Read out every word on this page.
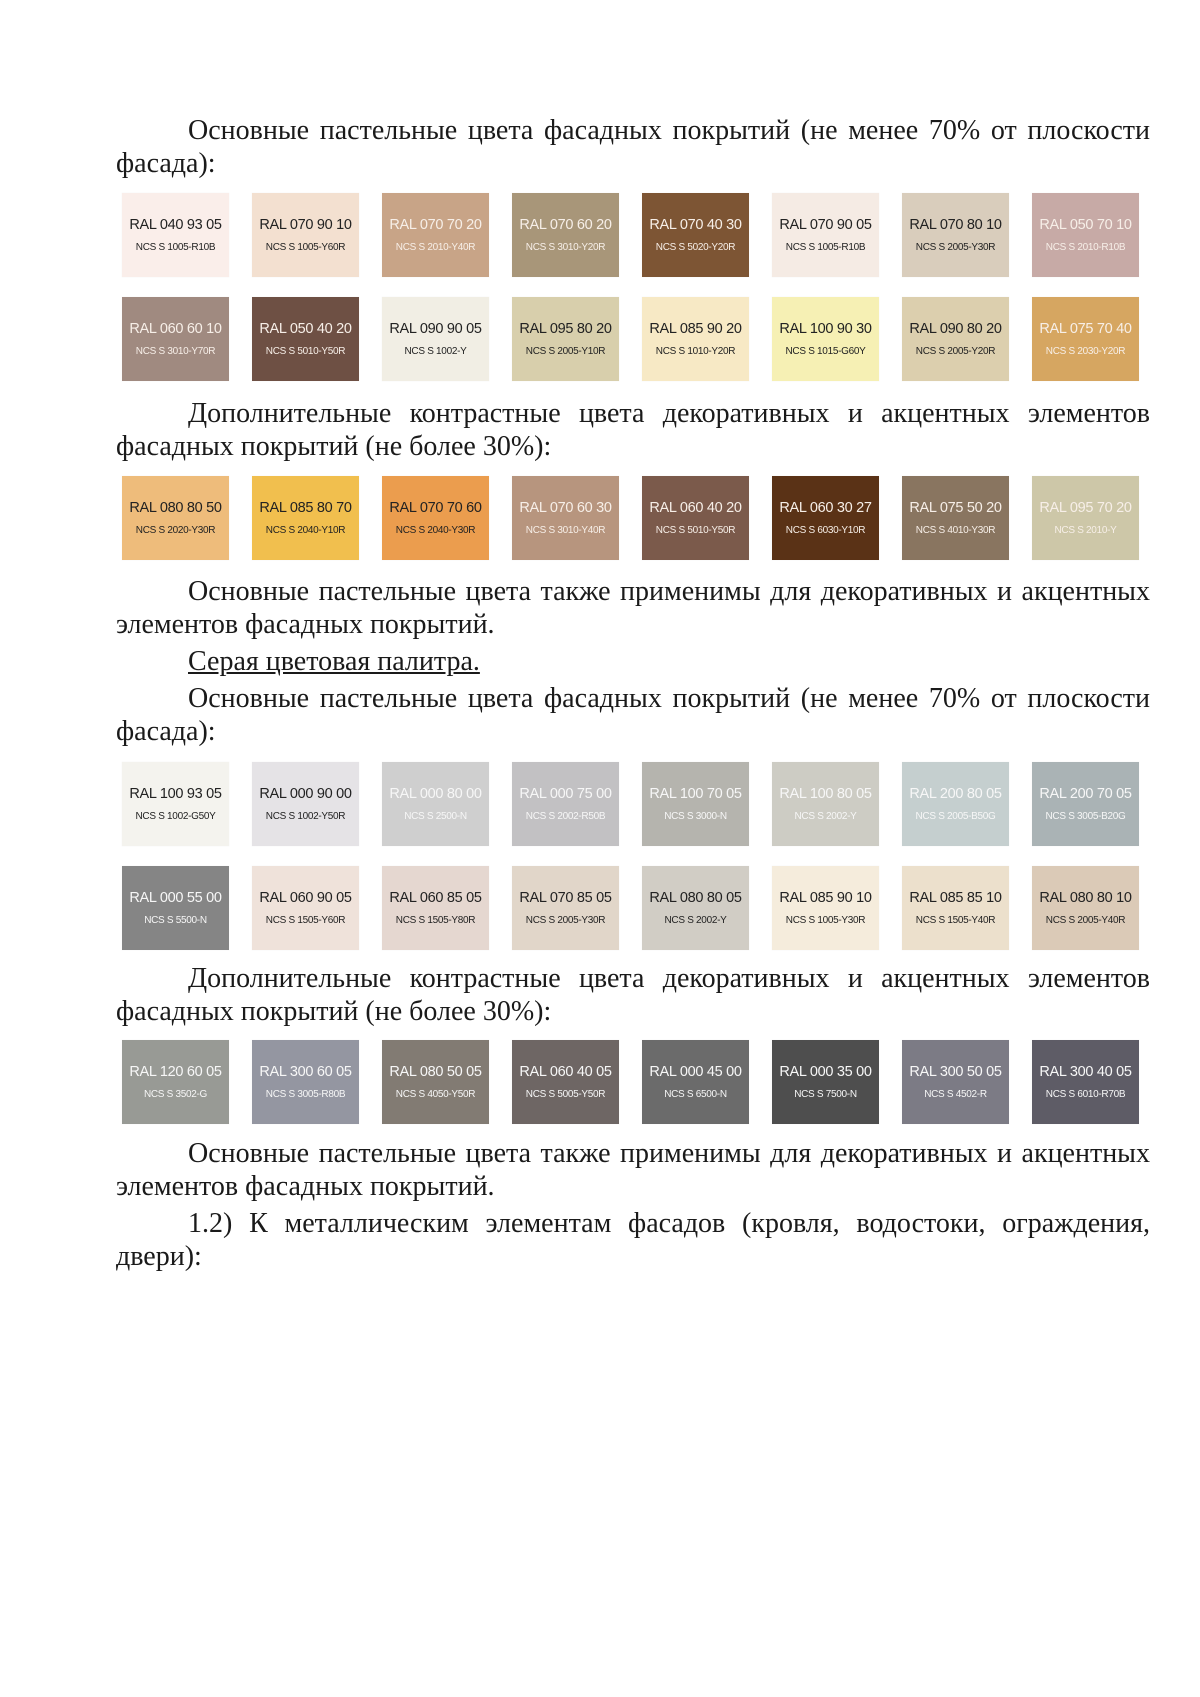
Основные пастельные цвета фасадных покрытий (не менее 70% от плоскости фасада):

RAL 040 93 05
NCS S 1005-R10B
RAL 070 90 10
NCS S 1005-Y60R
RAL 070 70 20
NCS S 2010-Y40R
RAL 070 60 20
NCS S 3010-Y20R
RAL 070 40 30
NCS S 5020-Y20R
RAL 070 90 05
NCS S 1005-R10B
RAL 070 80 10
NCS S 2005-Y30R
RAL 050 70 10
NCS S 2010-R10B
RAL 060 60 10
NCS S 3010-Y70R
RAL 050 40 20
NCS S 5010-Y50R
RAL 090 90 05
NCS S 1002-Y
RAL 095 80 20
NCS S 2005-Y10R
RAL 085 90 20
NCS S 1010-Y20R
RAL 100 90 30
NCS S 1015-G60Y
RAL 090 80 20
NCS S 2005-Y20R
RAL 075 70 40
NCS S 2030-Y20R

Дополнительные контрастные цвета декоративных и акцентных элементов фасадных покрытий (не более 30%):

RAL 080 80 50
NCS S 2020-Y30R
RAL 085 80 70
NCS S 2040-Y10R
RAL 070 70 60
NCS S 2040-Y30R
RAL 070 60 30
NCS S 3010-Y40R
RAL 060 40 20
NCS S 5010-Y50R
RAL 060 30 27
NCS S 6030-Y10R
RAL 075 50 20
NCS S 4010-Y30R
RAL 095 70 20
NCS S 2010-Y

Основные пастельные цвета также применимы для декоративных и акцентных элементов фасадных покрытий.

Серая цветовая палитра.

Основные пастельные цвета фасадных покрытий (не менее 70% от плоскости фасада):

RAL 100 93 05
NCS S 1002-G50Y
RAL 000 90 00
NCS S 1002-Y50R
RAL 000 80 00
NCS S 2500-N
RAL 000 75 00
NCS S 2002-R50B
RAL 100 70 05
NCS S 3000-N
RAL 100 80 05
NCS S 2002-Y
RAL 200 80 05
NCS S 2005-B50G
RAL 200 70 05
NCS S 3005-B20G
RAL 000 55 00
NCS S 5500-N
RAL 060 90 05
NCS S 1505-Y60R
RAL 060 85 05
NCS S 1505-Y80R
RAL 070 85 05
NCS S 2005-Y30R
RAL 080 80 05
NCS S 2002-Y
RAL 085 90 10
NCS S 1005-Y30R
RAL 085 85 10
NCS S 1505-Y40R
RAL 080 80 10
NCS S 2005-Y40R

Дополнительные контрастные цвета декоративных и акцентных элементов фасадных покрытий (не более 30%):

RAL 120 60 05
NCS S 3502-G
RAL 300 60 05
NCS S 3005-R80B
RAL 080 50 05
NCS S 4050-Y50R
RAL 060 40 05
NCS S 5005-Y50R
RAL 000 45 00
NCS S 6500-N
RAL 000 35 00
NCS S 7500-N
RAL 300 50 05
NCS S 4502-R
RAL 300 40 05
NCS S 6010-R70B

Основные пастельные цвета также применимы для декоративных и акцентных элементов фасадных покрытий.

1.2) К металлическим элементам фасадов (кровля, водостоки, ограждения, двери):
